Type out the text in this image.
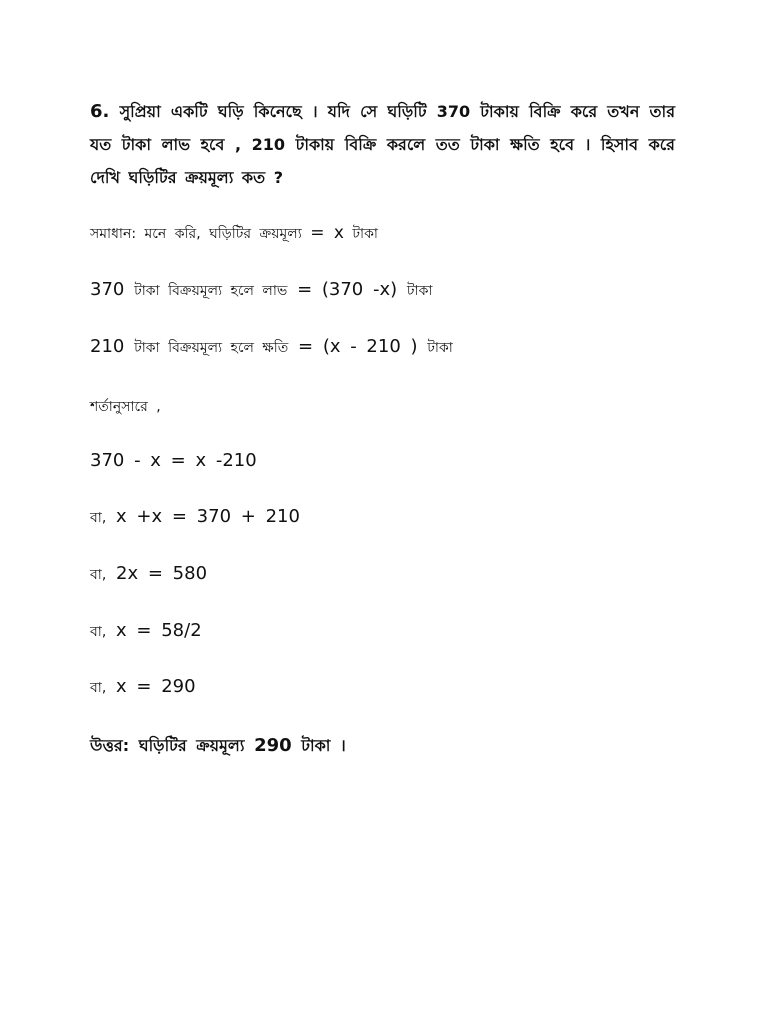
6. সুপ্রিয়া একটি ঘড়ি কিনেছে । যদি সে ঘড়িটি 370 টাকায় বিক্রি করে তখন তার যত টাকা লাভ হবে , 210 টাকায় বিক্রি করলে তত টাকা ক্ষতি হবে । হিসাব করে দেখি ঘড়িটির ক্রয়মূল্য কত ?
সমাধান: মনে করি, ঘড়িটির ক্রয়মূল্য = x টাকা
370 টাকা বিক্রয়মূল্য হলে লাভ = (370 -x) টাকা
210 টাকা বিক্রয়মূল্য হলে ক্ষতি = (x - 210 ) টাকা
শর্তানুসারে ,
370 - x = x -210
বা, x +x = 370 + 210
বা, 2x = 580
বা, x = 58/2
বা, x = 290
উত্তর: ঘড়িটির ক্রয়মূল্য 290 টাকা ।
